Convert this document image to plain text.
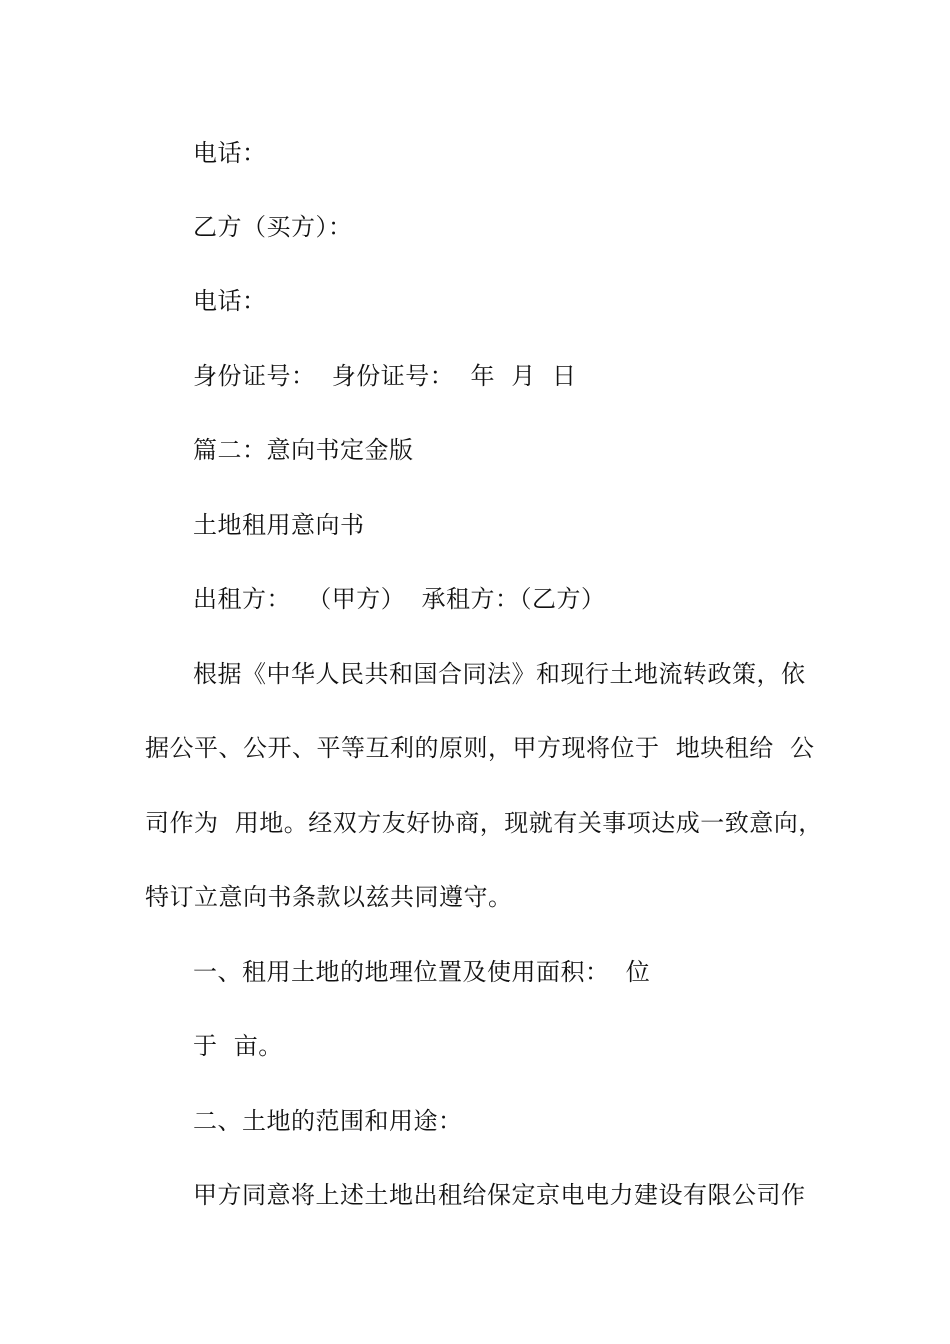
电话：
乙方（买方）：
电话：
身份证号：  身份证号：  年  月  日
篇二：意向书定金版
土地租用意向书
出租方：  （甲方）  承租方：（乙方）
根据《中华人民共和国合同法》和现行土地流转政策，依
据公平、公开、平等互利的原则，甲方现将位于  地块租给  公
司作为  用地。经双方友好协商，现就有关事项达成一致意向，
特订立意向书条款以兹共同遵守。
一、租用土地的地理位置及使用面积：  位
于  亩。
二、土地的范围和用途：
甲方同意将上述土地出租给保定京电电力建设有限公司作
